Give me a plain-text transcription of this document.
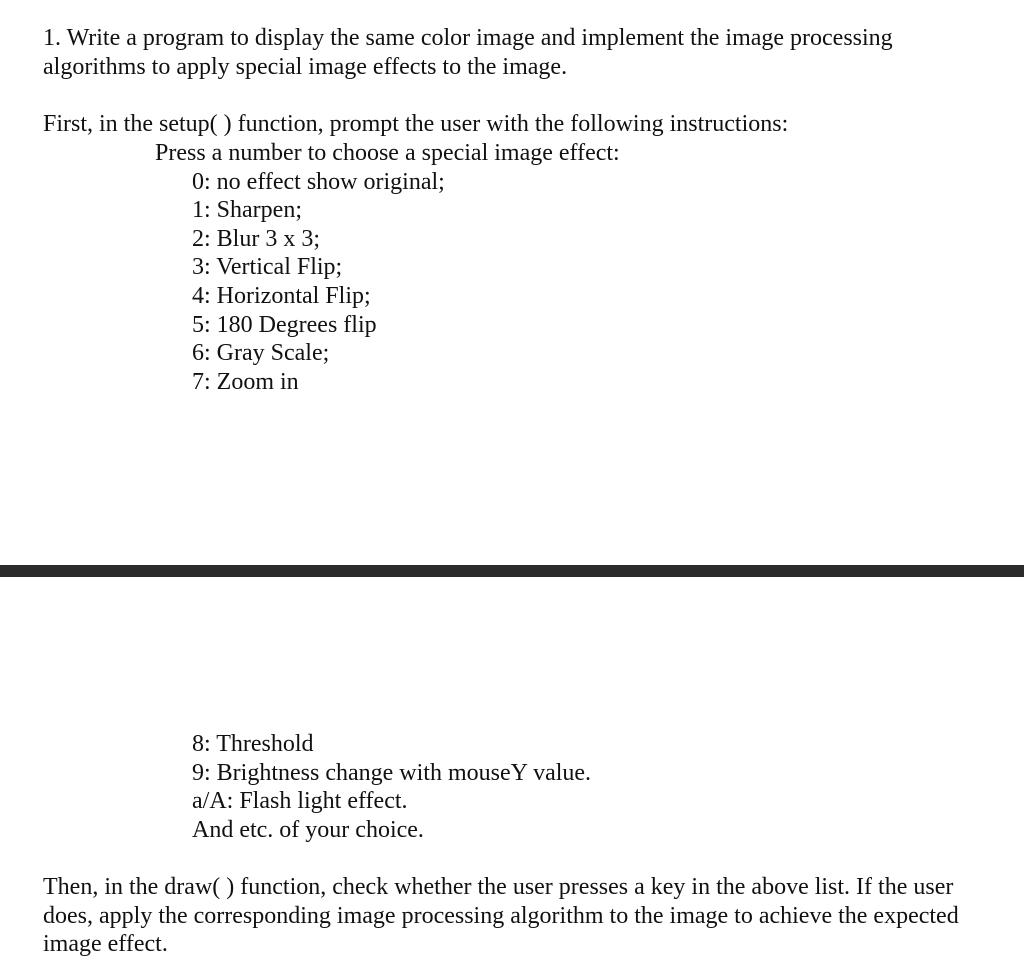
1. Write a program to display the same color image and implement the image processing
algorithms to apply special image effects to the image.
First, in the setup( ) function, prompt the user with the following instructions:
Press a number to choose a special image effect:
0: no effect show original;
1: Sharpen;
2: Blur 3 x 3;
3: Vertical Flip;
4: Horizontal Flip;
5: 180 Degrees flip
6: Gray Scale;
7: Zoom in
8: Threshold
9: Brightness change with mouseY value.
a/A: Flash light effect.
And etc. of your choice.
Then, in the draw( ) function, check whether the user presses a key in the above list. If the user
does, apply the corresponding image processing algorithm to the image to achieve the expected
image effect.
